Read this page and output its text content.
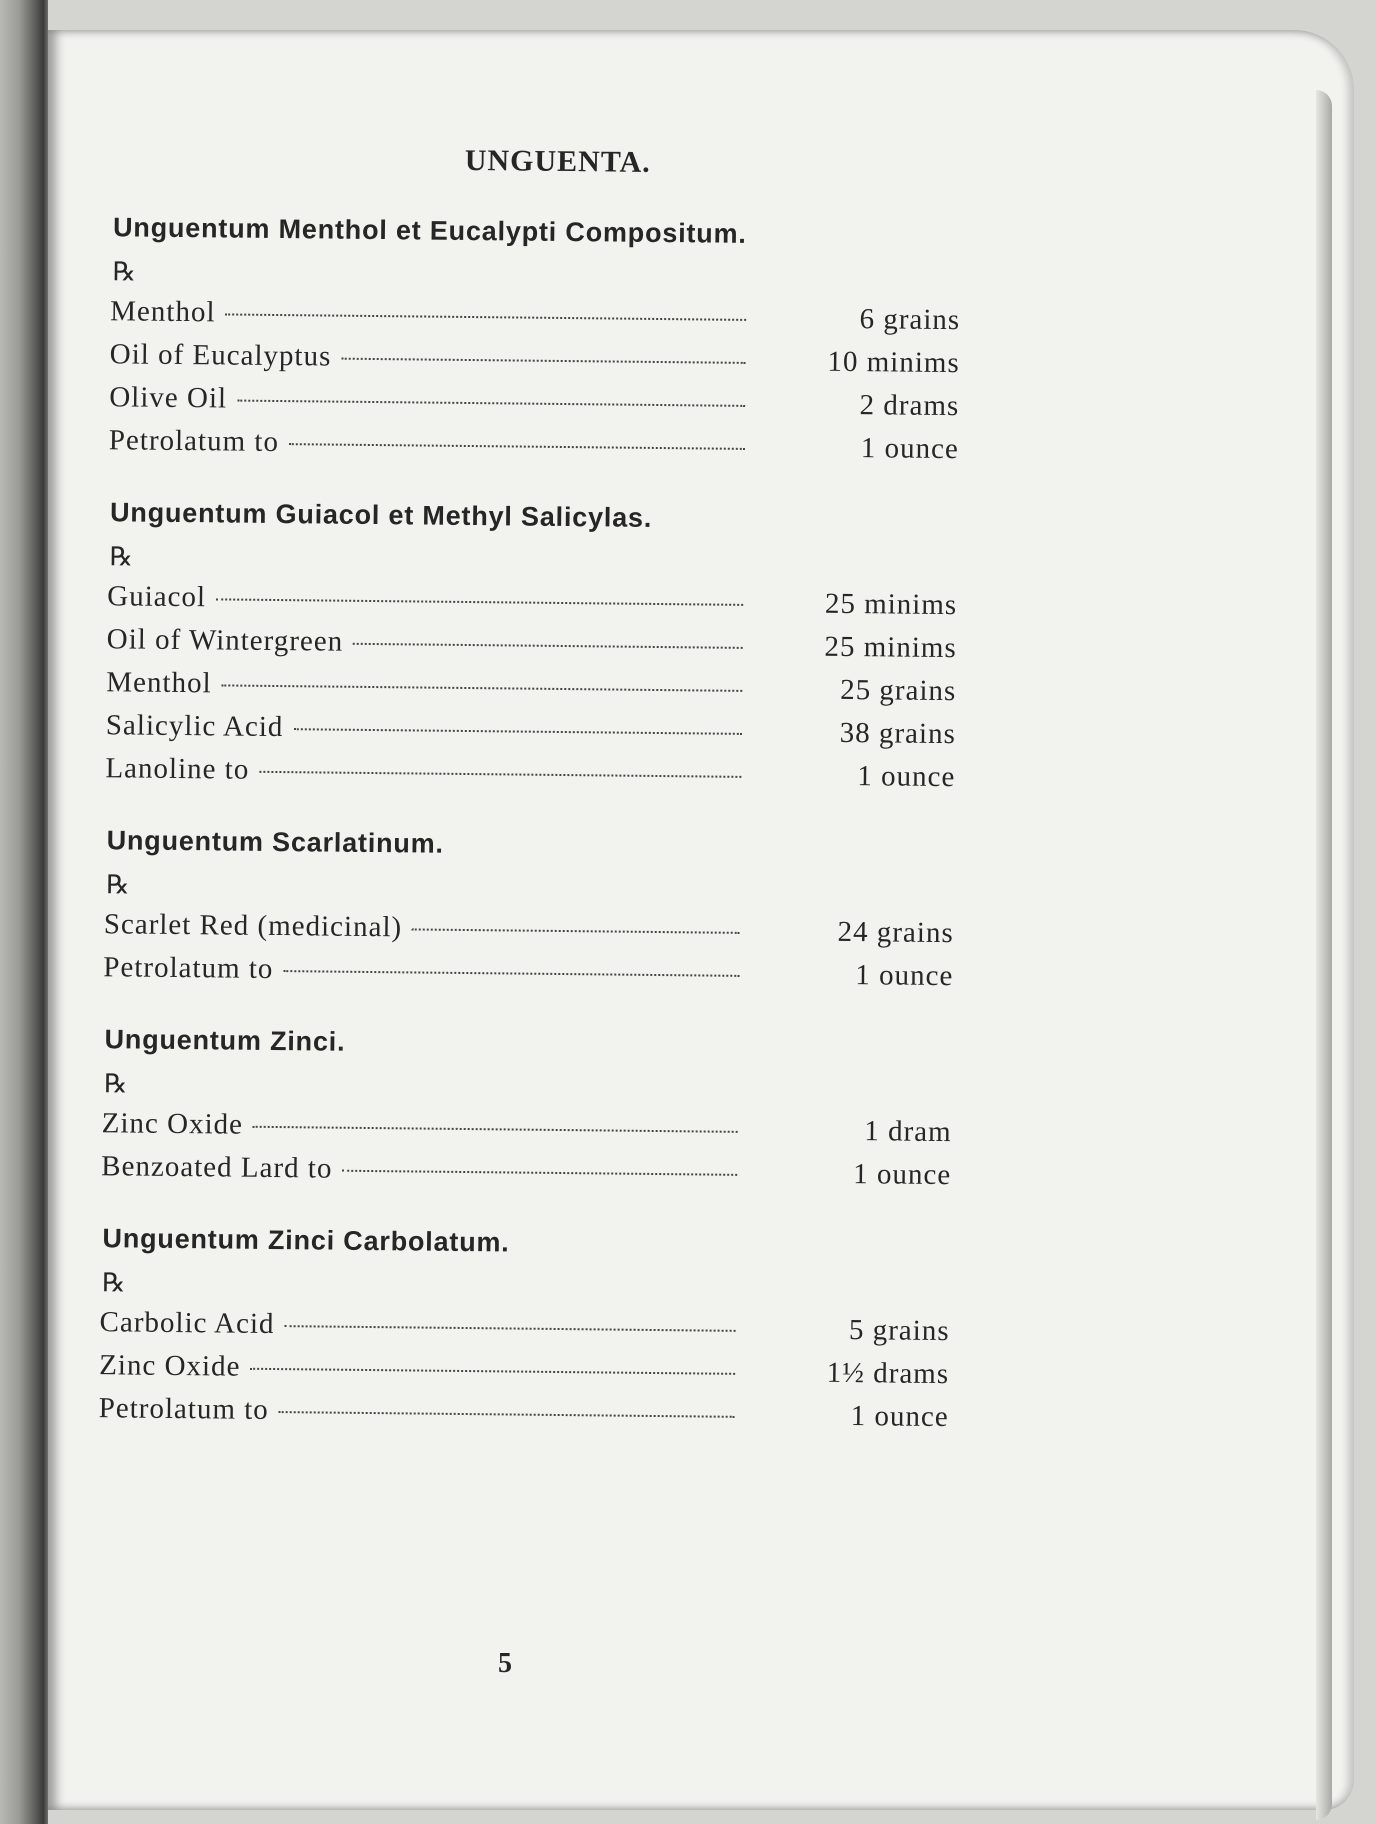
UNGUENTA.
Unguentum Menthol et Eucalypti Compositum.
℞
Menthol	6 grains
Oil of Eucalyptus	10 minims
Olive Oil	2 drams
Petrolatum to	1 ounce
Unguentum Guiacol et Methyl Salicylas.
℞
Guiacol	25 minims
Oil of Wintergreen	25 minims
Menthol	25 grains
Salicylic Acid	38 grains
Lanoline to	1 ounce
Unguentum Scarlatinum.
℞
Scarlet Red (medicinal)	24 grains
Petrolatum to	1 ounce
Unguentum Zinci.
℞
Zinc Oxide	1 dram
Benzoated Lard to	1 ounce
Unguentum Zinci Carbolatum.
℞
Carbolic Acid	5 grains
Zinc Oxide	1½ drams
Petrolatum to	1 ounce
5
